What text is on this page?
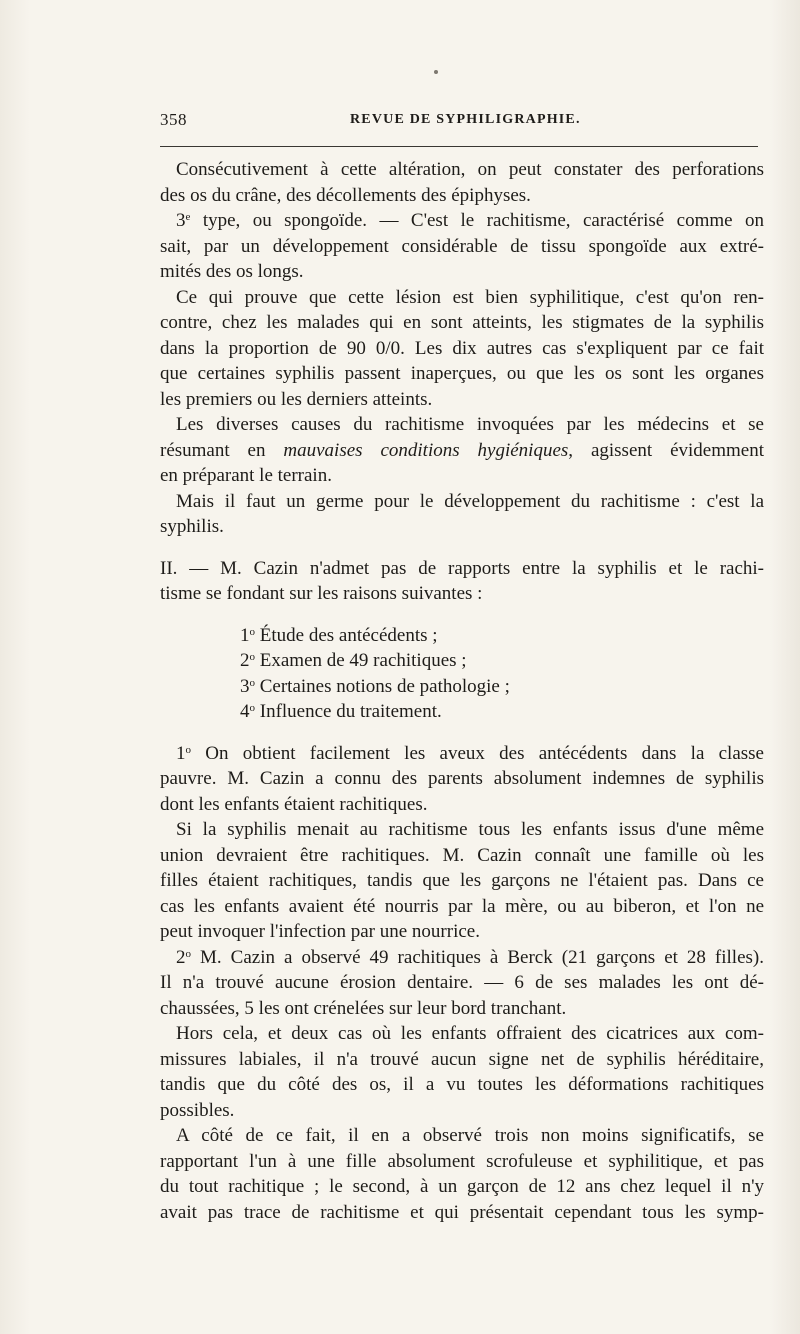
358	REVUE DE SYPHILIGRAPHIE.
Consécutivement à cette altération, on peut constater des perforations
des os du crâne, des décollements des épiphyses.
3e type, ou spongoïde. — C'est le rachitisme, caractérisé comme on
sait, par un développement considérable de tissu spongoïde aux extré-
mités des os longs.
Ce qui prouve que cette lésion est bien syphilitique, c'est qu'on ren-
contre, chez les malades qui en sont atteints, les stigmates de la syphilis
dans la proportion de 90 0/0. Les dix autres cas s'expliquent par ce fait
que certaines syphilis passent inaperçues, ou que les os sont les organes
les premiers ou les derniers atteints.
Les diverses causes du rachitisme invoquées par les médecins et se
résumant en mauvaises conditions hygiéniques, agissent évidemment
en préparant le terrain.
Mais il faut un germe pour le développement du rachitisme : c'est la
syphilis.
II. — M. Cazin n'admet pas de rapports entre la syphilis et le rachi-
tisme se fondant sur les raisons suivantes :
1$^o$ Étude des antécédents ;
2$^o$ Examen de 49 rachitiques ;
3$^o$ Certaines notions de pathologie ;
4$^o$ Influence du traitement.
1$^o$ On obtient facilement les aveux des antécédents dans la classe
pauvre. M. Cazin a connu des parents absolument indemnes de syphilis
dont les enfants étaient rachitiques.
Si la syphilis menait au rachitisme tous les enfants issus d'une même
union devraient être rachitiques. M. Cazin connaît une famille où les
filles étaient rachitiques, tandis que les garçons ne l'étaient pas. Dans ce
cas les enfants avaient été nourris par la mère, ou au biberon, et l'on ne
peut invoquer l'infection par une nourrice.
2$^o$ M. Cazin a observé 49 rachitiques à Berck (21 garçons et 28 filles).
Il n'a trouvé aucune érosion dentaire. — 6 de ses malades les ont dé-
chaussées, 5 les ont crénelées sur leur bord tranchant.
Hors cela, et deux cas où les enfants offraient des cicatrices aux com-
missures labiales, il n'a trouvé aucun signe net de syphilis héréditaire,
tandis que du côté des os, il a vu toutes les déformations rachitiques
possibles.
A côté de ce fait, il en a observé trois non moins significatifs, se
rapportant l'un à une fille absolument scrofuleuse et syphilitique, et pas
du tout rachitique ; le second, à un garçon de 12 ans chez lequel il n'y
avait pas trace de rachitisme et qui présentait cependant tous les symp-
